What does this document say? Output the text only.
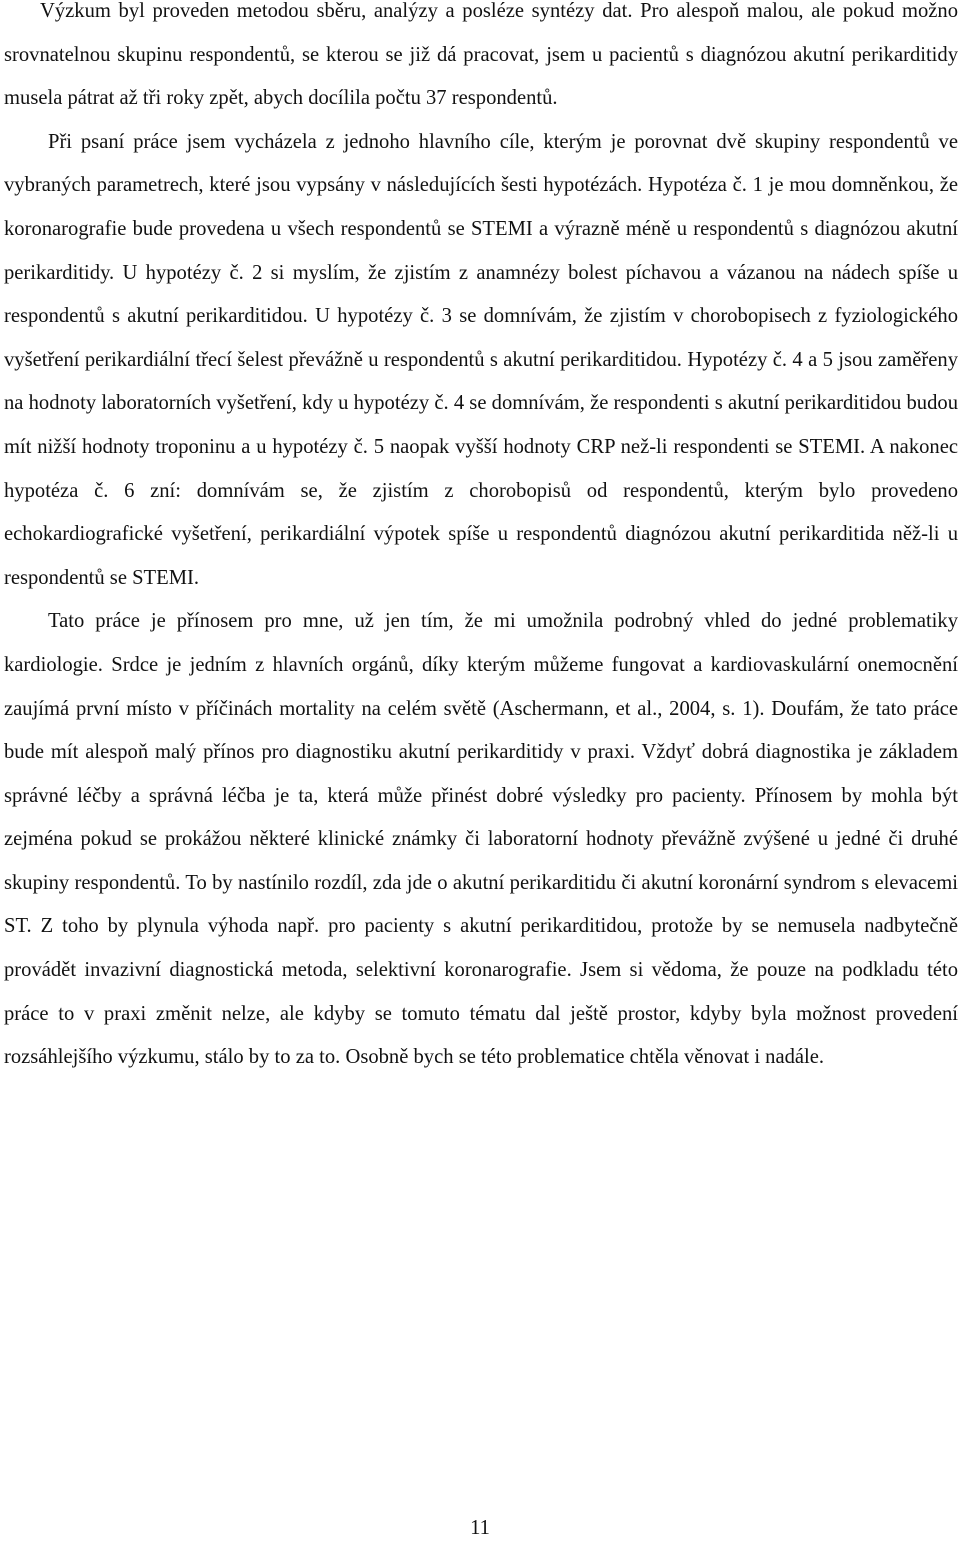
Výzkum byl proveden metodou sběru, analýzy a posléze syntézy dat. Pro alespoň malou, ale pokud možno srovnatelnou skupinu respondentů, se kterou se již dá pracovat, jsem u pacientů s diagnózou akutní perikarditidy musela pátrat až tři roky zpět, abych docílila počtu 37 respondentů.

Při psaní práce jsem vycházela z jednoho hlavního cíle, kterým je porovnat dvě skupiny respondentů ve vybraných parametrech, které jsou vypsány v následujících šesti hypotézách. Hypotéza č. 1 je mou domněnkou, že koronarografie bude provedena u všech respondentů se STEMI a výrazně méně u respondentů s diagnózou akutní perikarditidy. U hypotézy č. 2 si myslím, že zjistím z anamnézy bolest píchavou a vázanou na nádech spíše u respondentů s akutní perikarditidou. U hypotézy č. 3 se domnívám, že zjistím v chorobopisech z fyziologického vyšetření perikardiální třecí šelest převážně u respondentů s akutní perikarditidou. Hypotézy č. 4 a 5 jsou zaměřeny na hodnoty laboratorních vyšetření, kdy u hypotézy č. 4 se domnívám, že respondenti s akutní perikarditidou budou mít nižší hodnoty troponinu a u hypotézy č. 5 naopak vyšší hodnoty CRP než-li respondenti se STEMI. A nakonec hypotéza č. 6 zní: domnívám se, že zjistím z chorobopisů od respondentů, kterým bylo provedeno echokardiografické vyšetření, perikardiální výpotek spíše u respondentů diagnózou akutní perikarditida něž-li u respondentů se STEMI.

Tato práce je přínosem pro mne, už jen tím, že mi umožnila podrobný vhled do jedné problematiky kardiologie. Srdce je jedním z hlavních orgánů, díky kterým můžeme fungovat a kardiovaskulární onemocnění zaujímá první místo v příčinách mortality na celém světě (Aschermann, et al., 2004, s. 1). Doufám, že tato práce bude mít alespoň malý přínos pro diagnostiku akutní perikarditidy v praxi. Vždyť dobrá diagnostika je základem správné léčby a správná léčba je ta, která může přinést dobré výsledky pro pacienty. Přínosem by mohla být zejména pokud se prokážou některé klinické známky či laboratorní hodnoty převážně zvýšené u jedné či druhé skupiny respondentů. To by nastínilo rozdíl, zda jde o akutní perikarditidu či akutní koronární syndrom s elevacemi ST. Z toho by plynula výhoda např. pro pacienty s akutní perikarditidou, protože by se nemusela nadbytečně provádět invazivní diagnostická metoda, selektivní koronarografie. Jsem si vědoma, že pouze na podkladu této práce to v praxi změnit nelze, ale kdyby se tomuto tématu dal ještě prostor, kdyby byla možnost provedení rozsáhlejšího výzkumu, stálo by to za to. Osobně bych se této problematice chtěla věnovat i nadále.

11
